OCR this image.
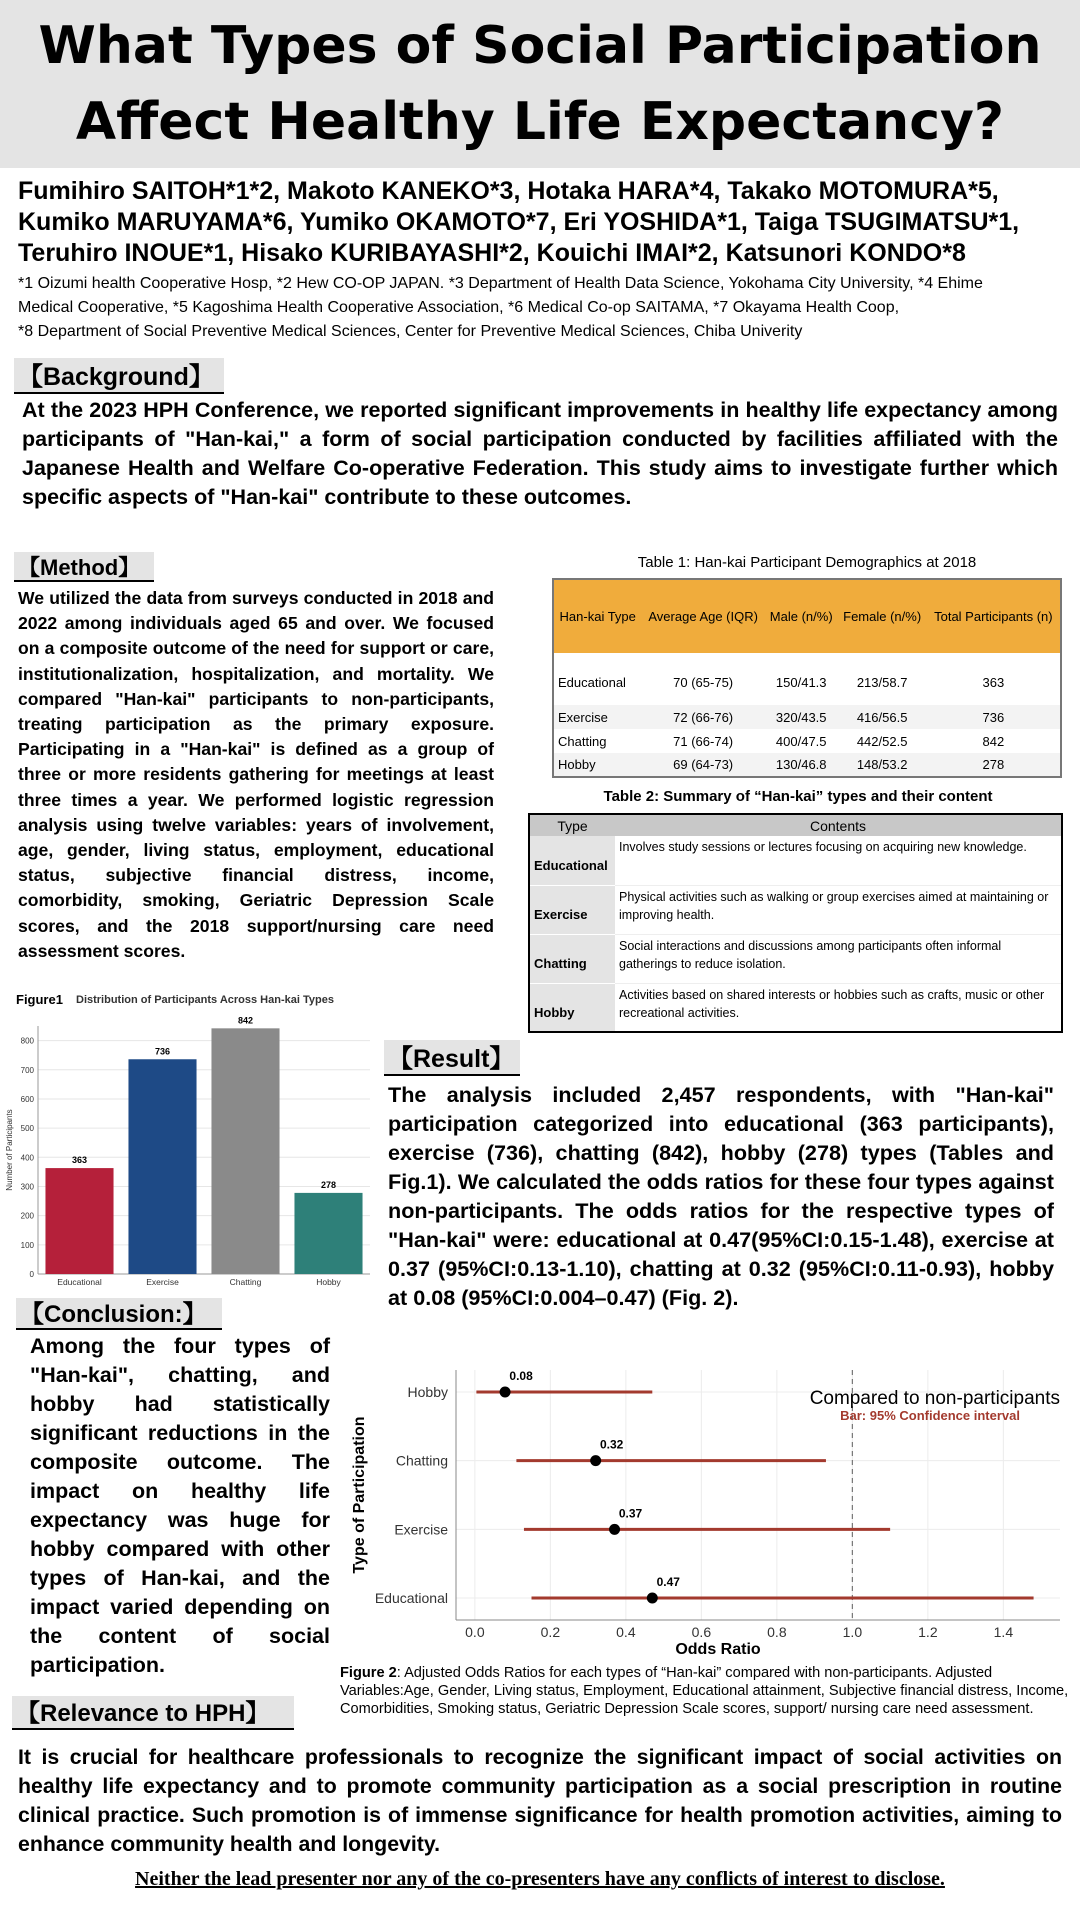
What Types of Social Participation
Affect Healthy Life Expectancy?
Fumihiro SAITOH*1*2, Makoto KANEKO*3, Hotaka HARA*4, Takako MOTOMURA*5,
Kumiko MARUYAMA*6, Yumiko OKAMOTO*7, Eri YOSHIDA*1, Taiga TSUGIMATSU*1,
Teruhiro INOUE*1, Hisako KURIBAYASHI*2, Kouichi IMAI*2, Katsunori KONDO*8
*1 Oizumi health Cooperative Hosp, *2 Hew CO-OP JAPAN. *3 Department of Health Data Science, Yokohama City University, *4 Ehime
Medical Cooperative, *5 Kagoshima Health Cooperative Association, *6 Medical Co-op SAITAMA, *7 Okayama Health Coop,
*8 Department of Social Preventive Medical Sciences, Center for Preventive Medical Sciences, Chiba Univerity
【Background】
At the 2023 HPH Conference, we reported significant improvements in healthy life expectancy among participants of "Han-kai," a form of social participation conducted by facilities affiliated with the Japanese Health and Welfare Co-operative Federation. This study aims to investigate further which specific aspects of "Han-kai" contribute to these outcomes.
【Method】
We utilized the data from surveys conducted in 2018 and 2022 among individuals aged 65 and over. We focused on a composite outcome of the need for support or care, institutionalization, hospitalization, and mortality. We compared "Han-kai" participants to non-participants, treating participation as the primary exposure. Participating in a "Han-kai" is defined as a group of three or more residents gathering for meetings at least three times a year. We performed logistic regression analysis using twelve variables: years of involvement, age, gender, living status, employment, educational status, subjective financial distress, income, comorbidity, smoking, Geriatric Depression Scale scores, and the 2018 support/nursing care need assessment scores.
Table 1: Han-kai Participant Demographics at 2018
Han-kai Type	Average Age (IQR)	Male (n/%)	Female (n/%)	Total Participants (n)
Educational	70 (65-75)	150/41.3	213/58.7	363
Exercise	72 (66-76)	320/43.5	416/56.5	736
Chatting	71 (66-74)	400/47.5	442/52.5	842
Hobby	69 (64-73)	130/46.8	148/53.2	278
Table 2: Summary of “Han-kai” types and their content
Type	Contents
Educational	Involves study sessions or lectures focusing on acquiring new knowledge.
Exercise	Physical activities such as walking or group exercises aimed at maintaining or improving health.
Chatting	Social interactions and discussions among participants often informal gatherings to reduce isolation.
Hobby	Activities based on shared interests or hobbies such as crafts, music or other recreational activities.
Figure1 Distribution of Participants Across Han-kai Types
0
100
200
300
400
500
600
700
800
Number of Participants	363
Educational
736
Exercise
842
Chatting
278
Hobby
【Result】
The analysis included 2,457 respondents, with "Han-kai" participation categorized into educational (363 participants), exercise (736), chatting (842), hobby (278) types (Tables and Fig.1). We calculated the odds ratios for these four types against non-participants. The odds ratios for the respective types of "Han-kai" were: educational at 0.47(95%CI:0.15-1.48), exercise at 0.37 (95%CI:0.13-1.10), chatting at 0.32 (95%CI:0.11-0.93), hobby at 0.08 (95%CI:0.004–0.47) (Fig. 2).
【Conclusion:】
Among the four types of "Han-kai", chatting, and hobby had statistically significant reductions in the composite outcome. The impact on healthy life expectancy was huge for hobby compared with other types of Han-kai, and the impact varied depending on the content of social participation.
0.0	0.2	0.4	0.6	0.8	1.0	1.2	1.4
Type of Participation
Odds Ratio
Hobby
0.08
Chatting
0.32
Exercise
0.37
Educational
0.47
Compared to non-participants
Bar: 95% Confidence interval
Figure 2: Adjusted Odds Ratios for each types of “Han-kai” compared with non-participants. Adjusted Variables:Age, Gender, Living status, Employment, Educational attainment, Subjective financial distress, Income, Comorbidities, Smoking status, Geriatric Depression Scale scores, support/ nursing care need assessment.
【Relevance to HPH】
It is crucial for healthcare professionals to recognize the significant impact of social activities on healthy life expectancy and to promote community participation as a social prescription in routine clinical practice. Such promotion is of immense significance for health promotion activities, aiming to enhance community health and longevity.
Neither the lead presenter nor any of the co-presenters have any conflicts of interest to disclose.
